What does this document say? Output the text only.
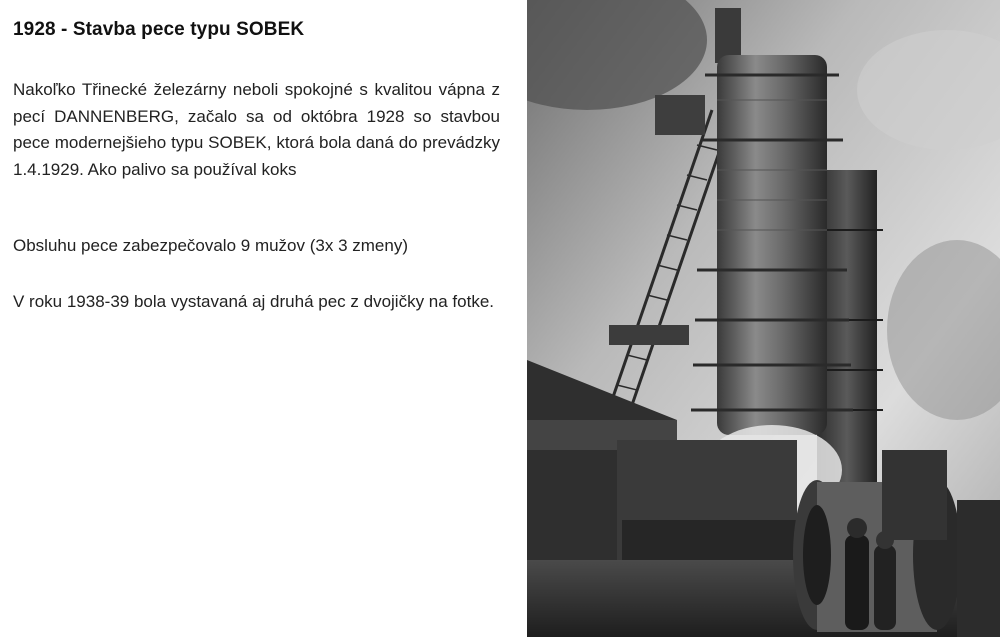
1928 - Stavba pece typu SOBEK

Nakoľko Třinecké železárny neboli spokojné s kvalitou vápna z pecí DANNENBERG, začalo sa od októbra 1928 so stavbou pece modernejšieho typu SOBEK, ktorá bola daná do prevádzky 1.4.1929. Ako palivo sa používal koks

Obsluhu pece zabezpečovalo 9 mužov (3x 3 zmeny)

V roku 1938-39 bola vystavaná aj druhá pec z dvojičky na fotke.
